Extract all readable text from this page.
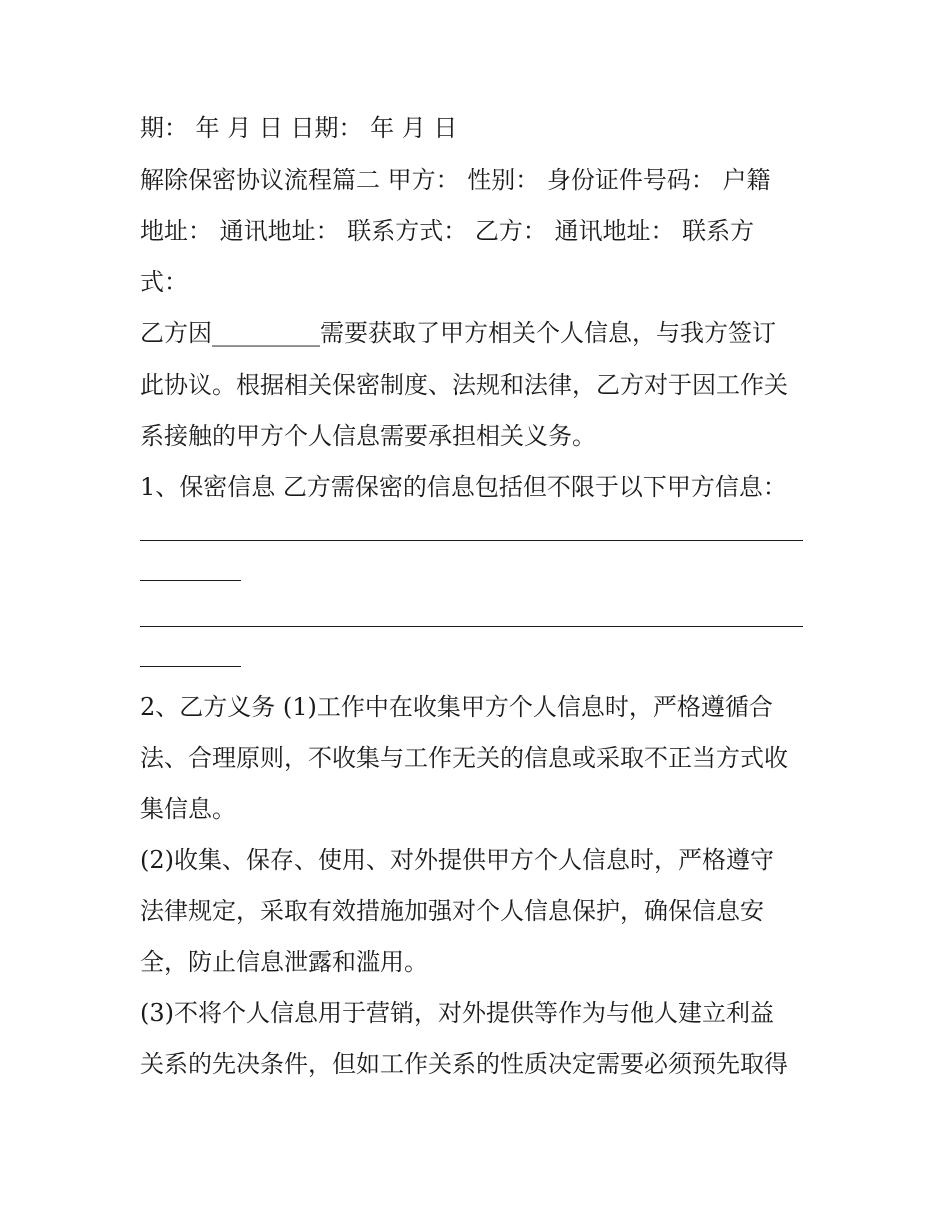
期： 年 月 日 日期： 年 月 日
解除保密协议流程篇二 甲方： 性别： 身份证件号码： 户籍
地址： 通讯地址： 联系方式： 乙方： 通讯地址： 联系方
式：
乙方因_________需要获取了甲方相关个人信息，与我方签订
此协议。根据相关保密制度、法规和法律，乙方对于因工作关
系接触的甲方个人信息需要承担相关义务。
1、保密信息 乙方需保密的信息包括但不限于以下甲方信息：
2、乙方义务 (1)工作中在收集甲方个人信息时，严格遵循合
法、合理原则，不收集与工作无关的信息或采取不正当方式收
集信息。
(2)收集、保存、使用、对外提供甲方个人信息时，严格遵守
法律规定，采取有效措施加强对个人信息保护，确保信息安
全，防止信息泄露和滥用。
(3)不将个人信息用于营销，对外提供等作为与他人建立利益
关系的先决条件，但如工作关系的性质决定需要必须预先取得
